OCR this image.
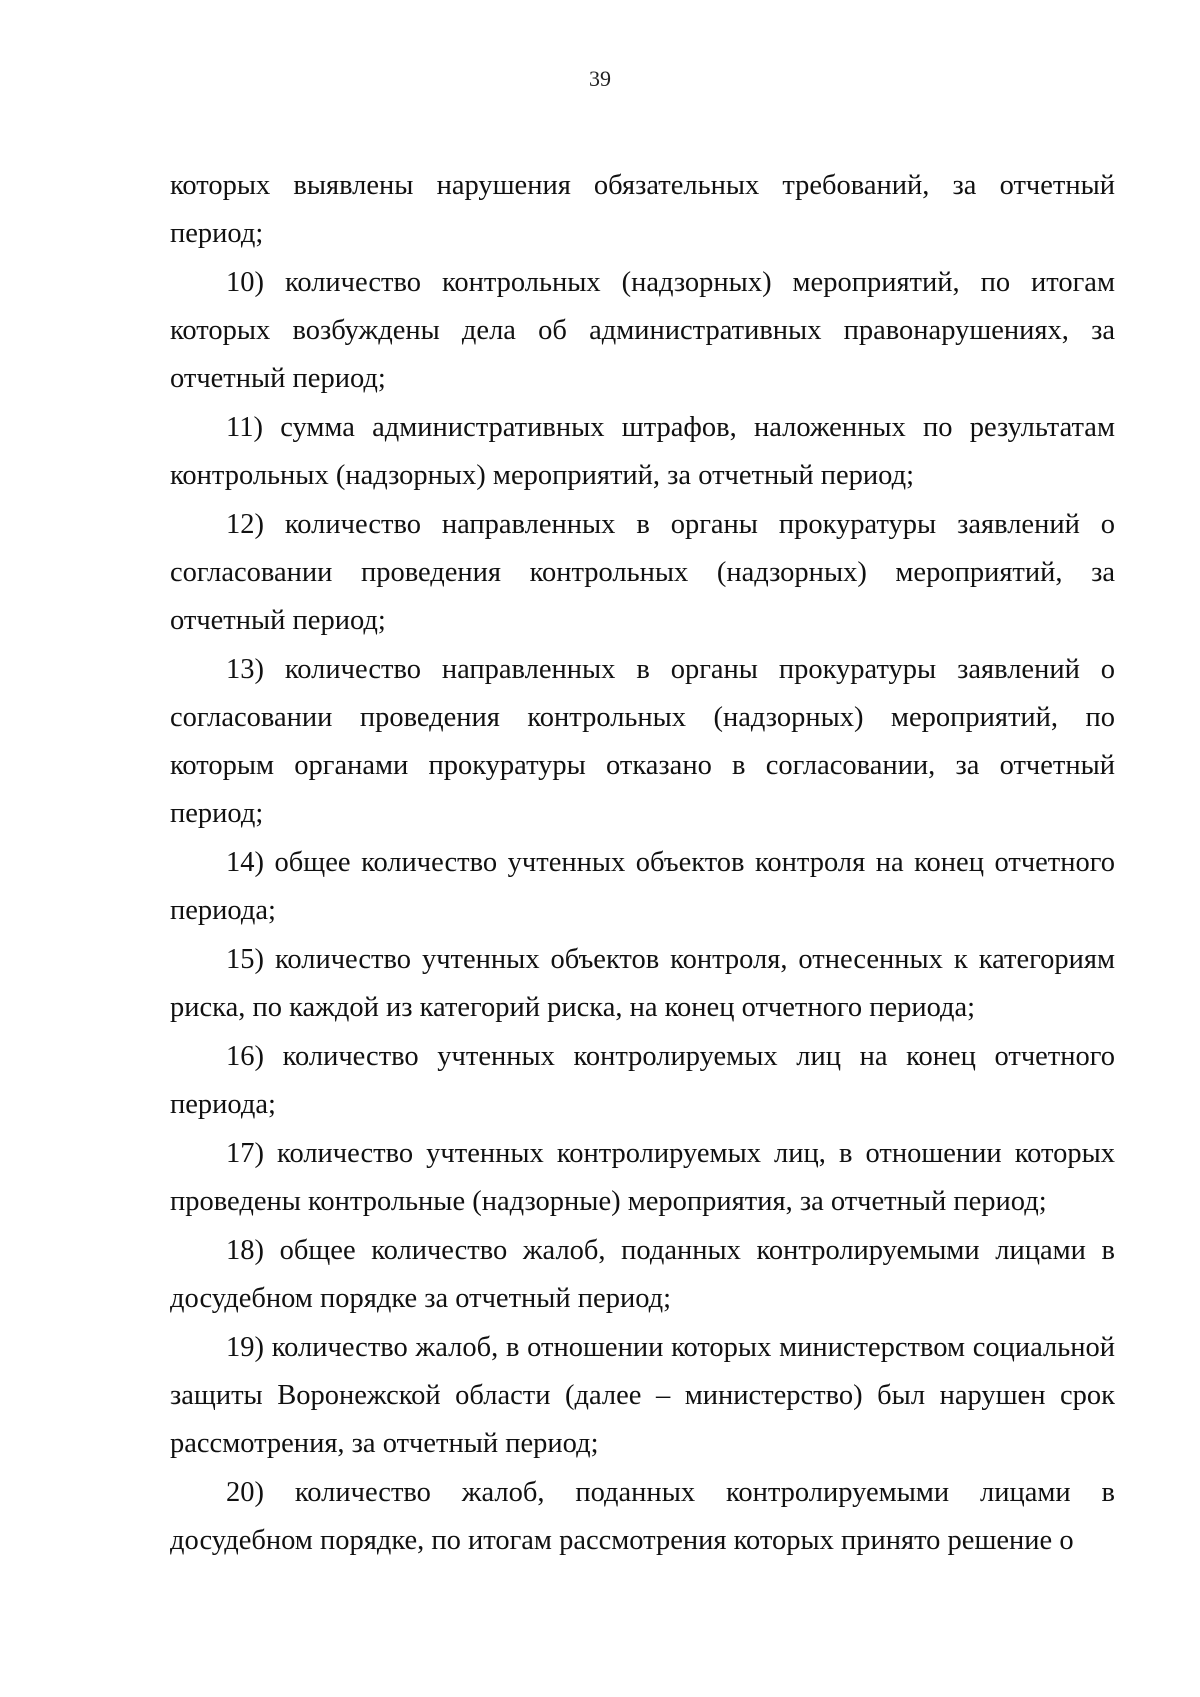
39

которых выявлены нарушения обязательных требований, за отчетный период;

10) количество контрольных (надзорных) мероприятий, по итогам которых возбуждены дела об административных правонарушениях, за отчетный период;

11) сумма административных штрафов, наложенных по результатам контрольных (надзорных) мероприятий, за отчетный период;

12) количество направленных в органы прокуратуры заявлений о согласовании проведения контрольных (надзорных) мероприятий, за отчетный период;

13) количество направленных в органы прокуратуры заявлений о согласовании проведения контрольных (надзорных) мероприятий, по которым органами прокуратуры отказано в согласовании, за отчетный период;

14) общее количество учтенных объектов контроля на конец отчетного периода;

15) количество учтенных объектов контроля, отнесенных к категориям риска, по каждой из категорий риска, на конец отчетного периода;

16) количество учтенных контролируемых лиц на конец отчетного периода;

17) количество учтенных контролируемых лиц, в отношении которых проведены контрольные (надзорные) мероприятия, за отчетный период;

18) общее количество жалоб, поданных контролируемыми лицами в досудебном порядке за отчетный период;

19) количество жалоб, в отношении которых министерством социальной защиты Воронежской области (далее – министерство) был нарушен срок рассмотрения, за отчетный период;

20) количество жалоб, поданных контролируемыми лицами в досудебном порядке, по итогам рассмотрения которых принято решение о
